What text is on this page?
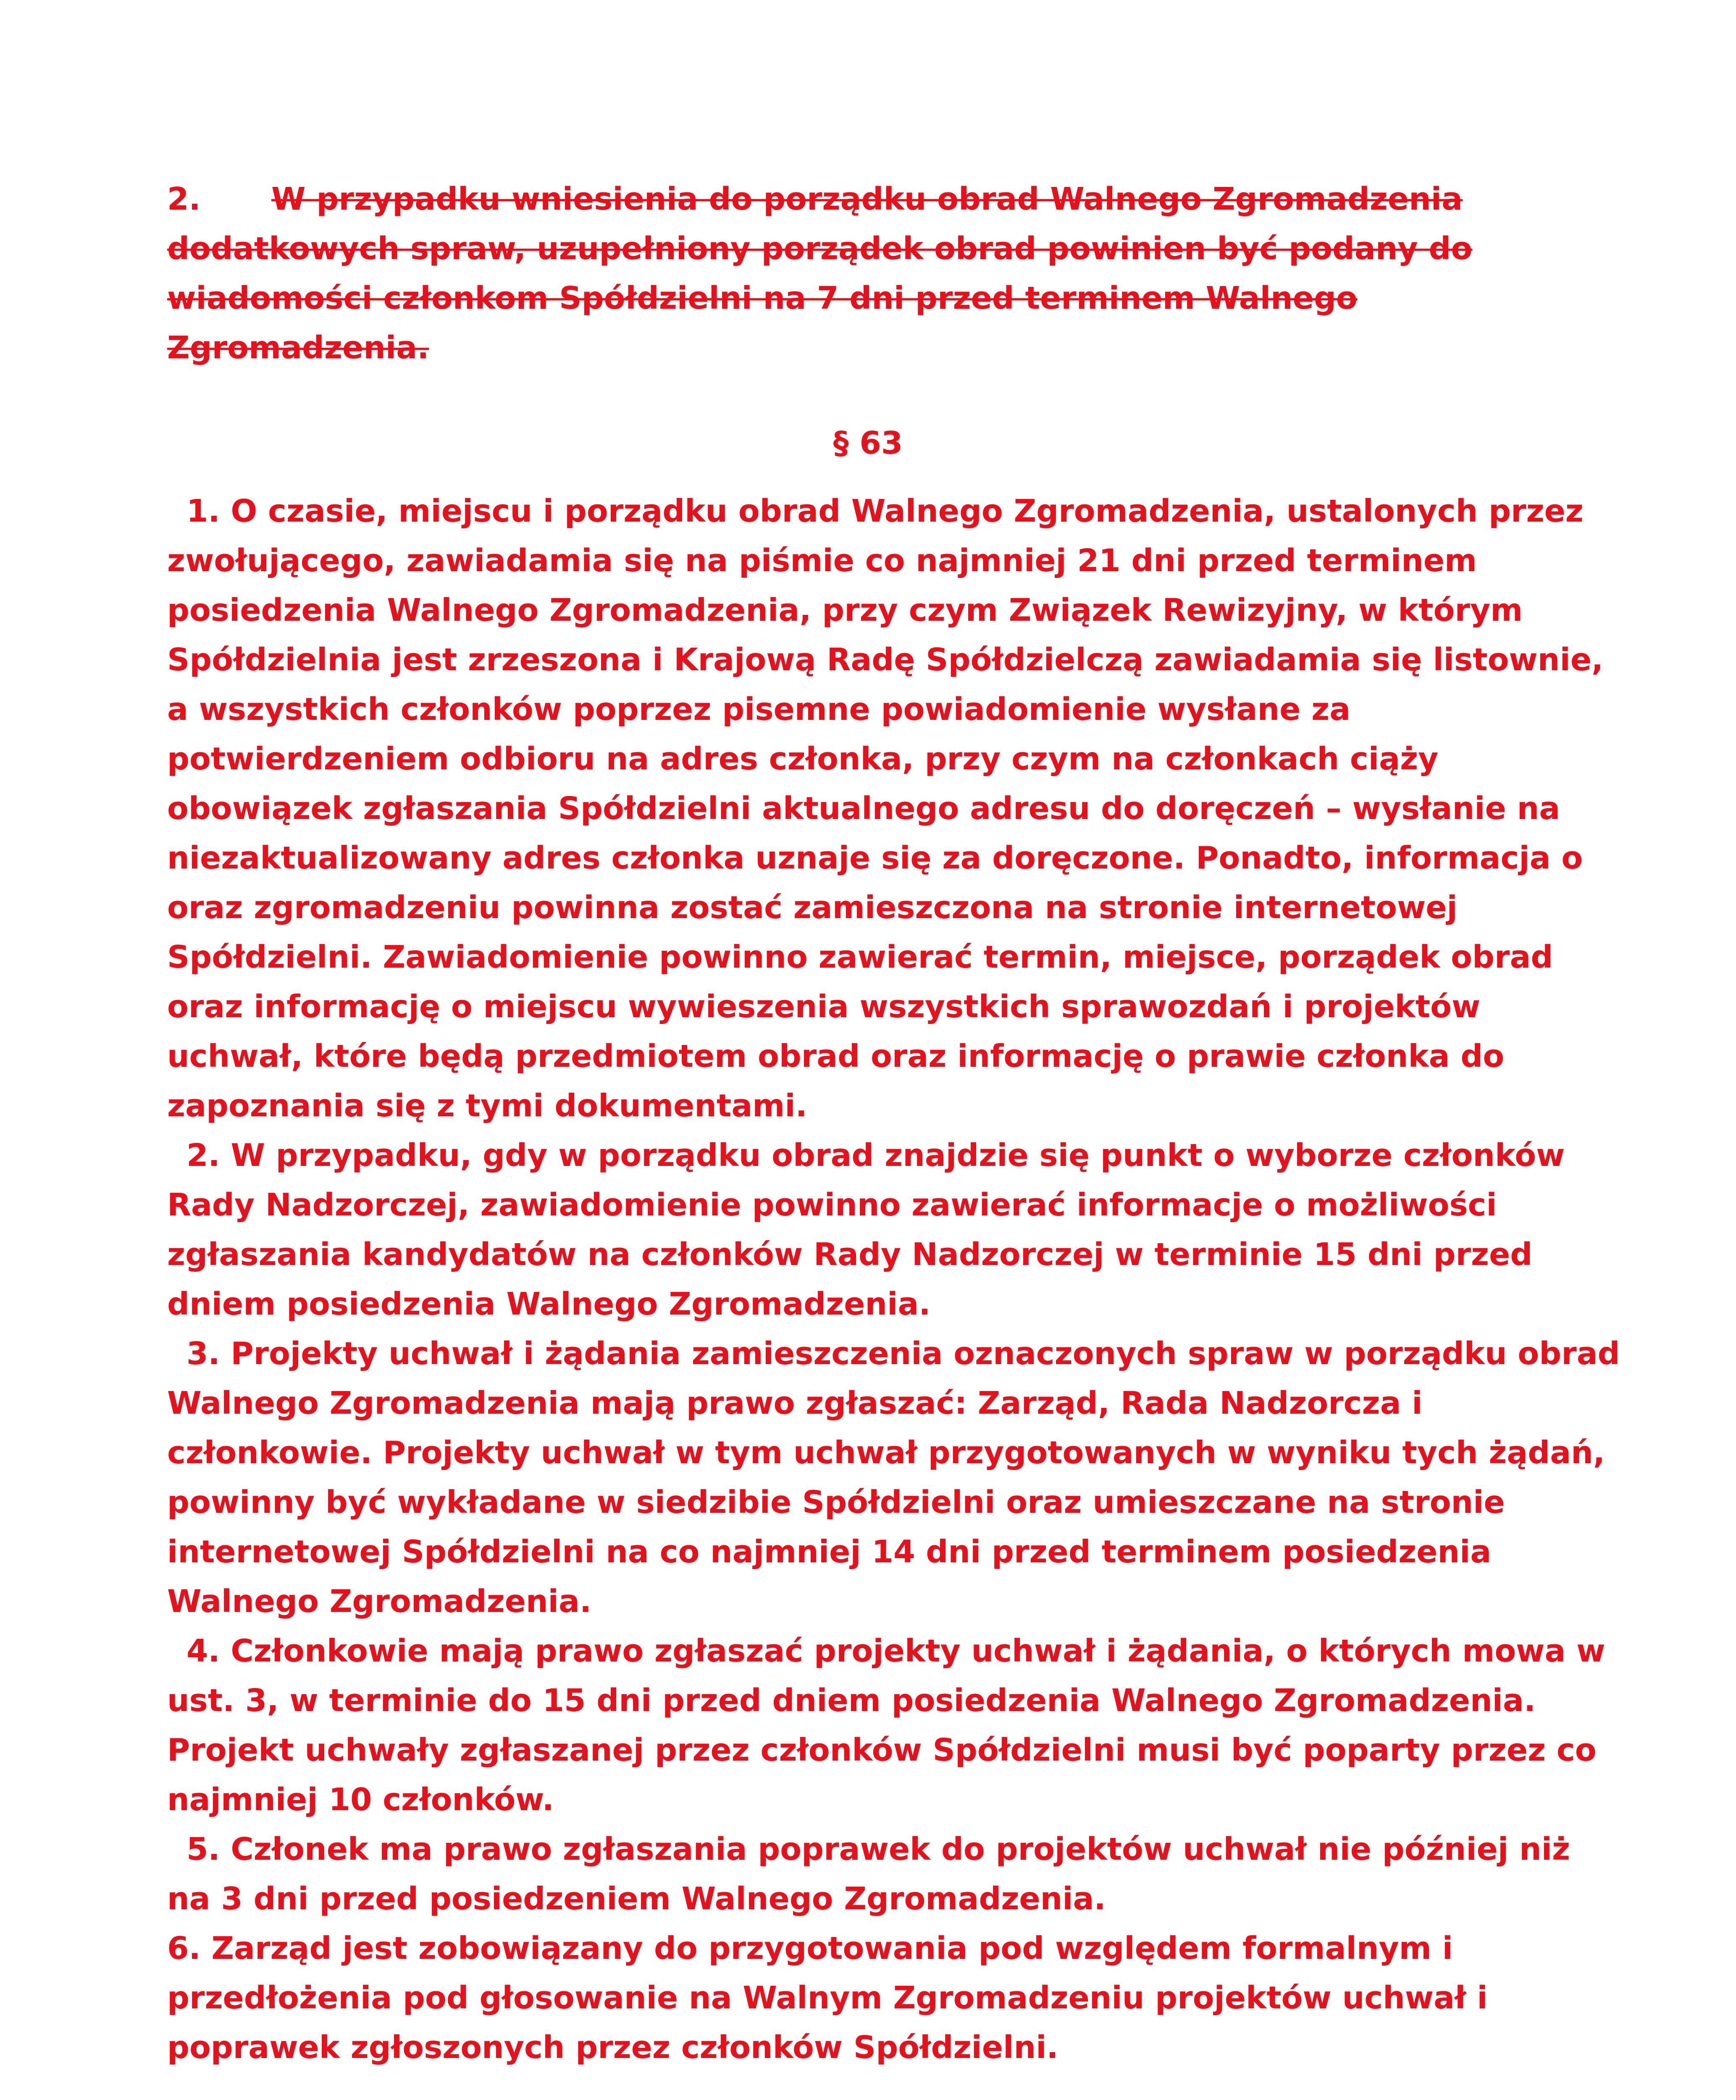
2. W przypadku wniesienia do porządku obrad Walnego Zgromadzenia
dodatkowych spraw, uzupełniony porządek obrad powinien być podany do
wiadomości członkom Spółdzielni na 7 dni przed terminem Walnego
Zgromadzenia.
§ 63
1. O czasie, miejscu i porządku obrad Walnego Zgromadzenia, ustalonych przez
zwołującego, zawiadamia się na piśmie co najmniej 21 dni przed terminem
posiedzenia Walnego Zgromadzenia, przy czym Związek Rewizyjny, w którym
Spółdzielnia jest zrzeszona i Krajową Radę Spółdzielczą zawiadamia się listownie,
a wszystkich członków poprzez pisemne powiadomienie wysłane za
potwierdzeniem odbioru na adres członka, przy czym na członkach ciąży
obowiązek zgłaszania Spółdzielni aktualnego adresu do doręczeń – wysłanie na
niezaktualizowany adres członka uznaje się za doręczone. Ponadto, informacja o
oraz zgromadzeniu powinna zostać zamieszczona na stronie internetowej
Spółdzielni. Zawiadomienie powinno zawierać termin, miejsce, porządek obrad
oraz informację o miejscu wywieszenia wszystkich sprawozdań i projektów
uchwał, które będą przedmiotem obrad oraz informację o prawie członka do
zapoznania się z tymi dokumentami.
2. W przypadku, gdy w porządku obrad znajdzie się punkt o wyborze członków
Rady Nadzorczej, zawiadomienie powinno zawierać informacje o możliwości
zgłaszania kandydatów na członków Rady Nadzorczej w terminie 15 dni przed
dniem posiedzenia Walnego Zgromadzenia.
3. Projekty uchwał i żądania zamieszczenia oznaczonych spraw w porządku obrad
Walnego Zgromadzenia mają prawo zgłaszać: Zarząd, Rada Nadzorcza i
członkowie. Projekty uchwał w tym uchwał przygotowanych w wyniku tych żądań,
powinny być wykładane w siedzibie Spółdzielni oraz umieszczane na stronie
internetowej Spółdzielni na co najmniej 14 dni przed terminem posiedzenia
Walnego Zgromadzenia.
4. Członkowie mają prawo zgłaszać projekty uchwał i żądania, o których mowa w
ust. 3, w terminie do 15 dni przed dniem posiedzenia Walnego Zgromadzenia.
Projekt uchwały zgłaszanej przez członków Spółdzielni musi być poparty przez co
najmniej 10 członków.
5. Członek ma prawo zgłaszania poprawek do projektów uchwał nie później niż
na 3 dni przed posiedzeniem Walnego Zgromadzenia.
6. Zarząd jest zobowiązany do przygotowania pod względem formalnym i
przedłożenia pod głosowanie na Walnym Zgromadzeniu projektów uchwał i
poprawek zgłoszonych przez członków Spółdzielni.
